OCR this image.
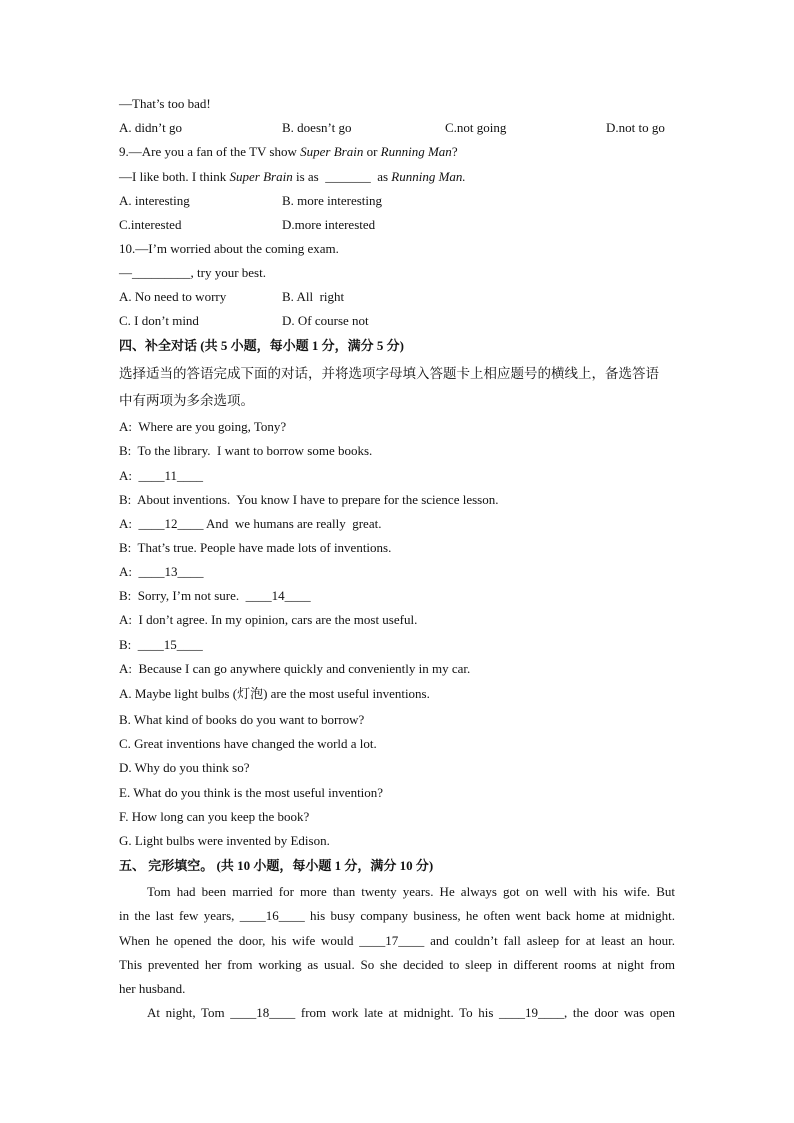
—That’s too bad!
A. didn’t go	B. doesn’t go	C.not going	D.not to go
9.—Are you a fan of the TV show Super Brain or Running Man?
—I like both. I think Super Brain is as  _______  as Running Man.
A. interesting	B. more interesting
C.interested	D.more interested
10.—I’m worried about the coming exam.
—_________, try your best.
A. No need to worry	B. All  right
C. I don’t mind	D. Of course not
四、补全对话 (共 5 小题，每小题 1 分，满分 5 分)
选择适当的答语完成下面的对话，并将选项字母填入答题卡上相应题号的横线上，备选答语
中有两项为多余选项。
A:  Where are you going, Tony?
B:  To the library.  I want to borrow some books.
A:  ____11____
B:  About inventions.  You know I have to prepare for the science lesson.
A:  ____12____ And  we humans are really  great.
B:  That’s true. People have made lots of inventions.
A:  ____13____
B:  Sorry, I’m not sure.  ____14____
A:  I don’t agree. In my opinion, cars are the most useful.
B:  ____15____
A:  Because I can go anywhere quickly and conveniently in my car.
A. Maybe light bulbs (灯泡) are the most useful inventions.
B. What kind of books do you want to borrow?
C. Great inventions have changed the world a lot.
D. Why do you think so?
E. What do you think is the most useful invention?
F. How long can you keep the book?
G. Light bulbs were invented by Edison.
五、 完形填空。 (共 10 小题，每小题 1 分，满分 10 分)
Tom had been married for more than twenty years. He always got on well with his wife. But
in the last few years, ____16____ his busy company business, he often went back home at midnight.
When he opened the door, his wife would ____17____ and couldn’t fall asleep for at least an hour.
This prevented her from working as usual. So she decided to sleep in different rooms at night from
her husband.
At night, Tom ____18____ from work late at midnight. To his ____19____, the door was open
